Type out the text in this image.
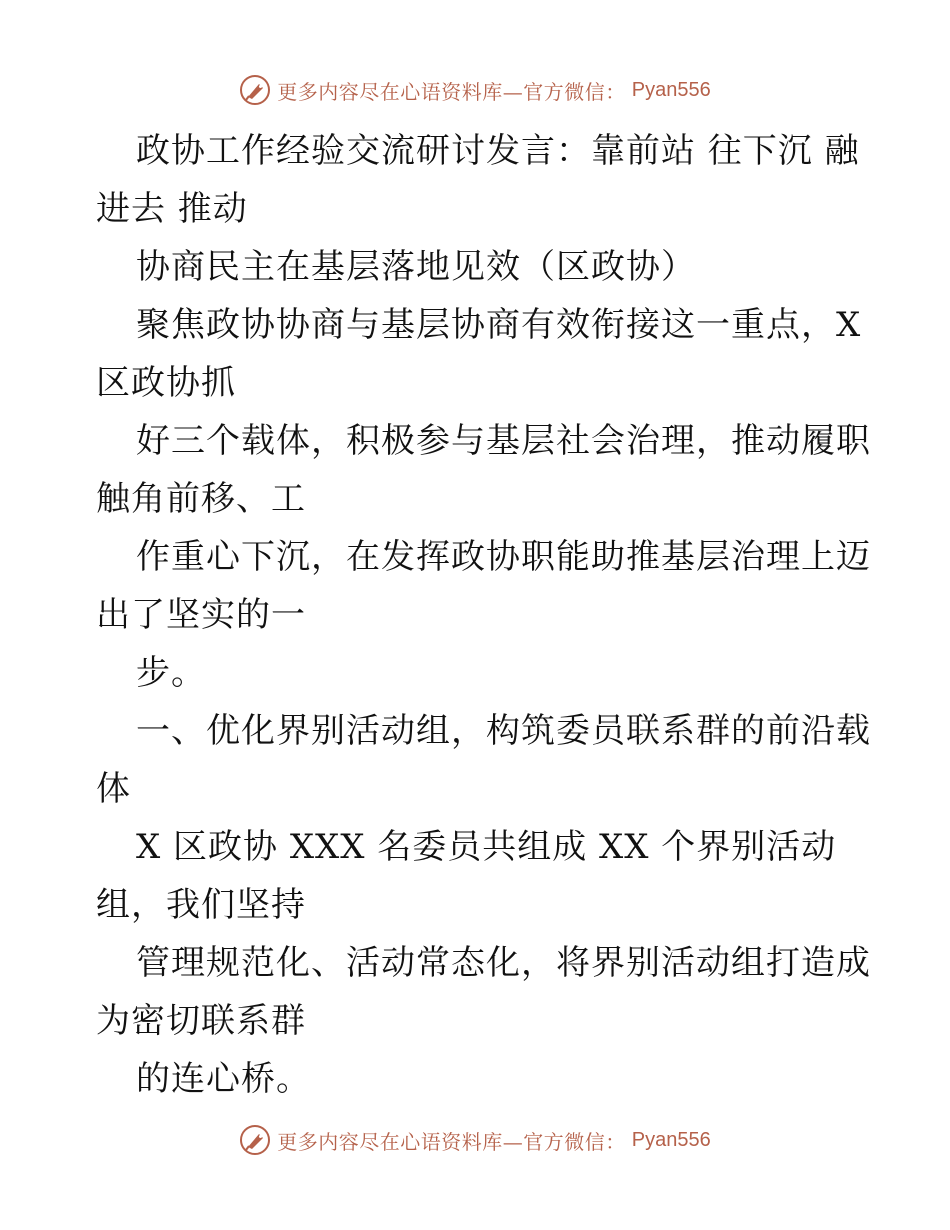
更多内容尽在心语资料库—官方微信： Pyan556
政协工作经验交流研讨发言：靠前站 往下沉 融
进去 推动
协商民主在基层落地见效（区政协）
聚焦政协协商与基层协商有效衔接这一重点，X
区政协抓
好三个载体，积极参与基层社会治理，推动履职
触角前移、工
作重心下沉，在发挥政协职能助推基层治理上迈
出了坚实的一
步。
一、优化界别活动组，构筑委员联系群的前沿载
体
X 区政协 XXX 名委员共组成 XX 个界别活动
组，我们坚持
管理规范化、活动常态化，将界别活动组打造成
为密切联系群
的连心桥。
更多内容尽在心语资料库—官方微信： Pyan556
